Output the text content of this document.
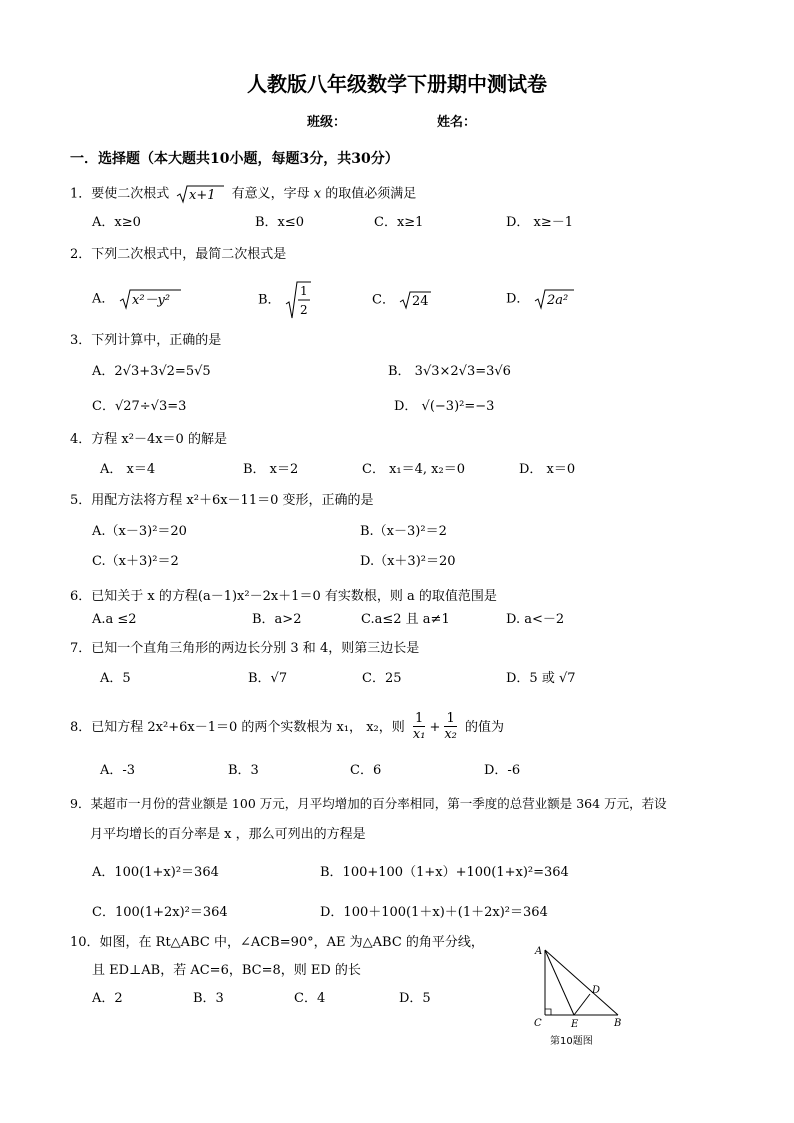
人教版八年级数学下册期中测试卷
班级：	姓名：
一．选择题（本大题共10小题，每题3分，共30分）
1．要使二次根式 x+1 有意义，字母 x 的取值必须满足
A．x≥0	B．x≤0	C．x≥1	D． x≥－1
2．下列二次根式中，最简二次根式是
A． x²－y²	B．
1
2
C． 24	D． 2a²
3．下列计算中，正确的是
A．2√3+3√2=5√5	B． 3√3×2√3=3√6
C．√27÷√3=3	D． √(−3)²=−3
4．方程 x²－4x＝0 的解是
A． x＝4	B． x＝2	C． x₁＝4, x₂＝0	D． x＝0
5．用配方法将方程 x²＋6x－11＝0 变形，正确的是
A.（x－3)²＝20	B.（x－3)²＝2
C.（x＋3)²＝2	D.（x＋3)²＝20
6．已知关于 x 的方程(a－1)x²－2x＋1＝0 有实数根，则 a 的取值范围是
A.a ≤2	B．a>2	C.a≤2 且 a≠1	D. a<－2
7．已知一个直角三角形的两边长分别 3 和 4，则第三边长是
A．5	B．√7	C．25	D．5 或 √7
8．已知方程 2x²+6x－1＝0 的两个实数根为 x₁， x₂，则 $\frac{1}{\text{x₁}} + \frac{1}{\text{x₂}}$ 的值为
A．-3	B．3	C．6	D．-6
9．某超市一月份的营业额是 100 万元，月平均增加的百分率相同，第一季度的总营业额是 364 万元，若设
月平均增长的百分率是 x ，那么可列出的方程是
A．100(1+x)²＝364	B．100+100（1+x）+100(1+x)²=364
C．100(1+2x)²＝364	D．100＋100(1＋x)＋(1＋2x)²＝364
10．如图，在 Rt△ABC 中，∠ACB=90°，AE 为△ABC 的角平分线，
且 ED⊥AB，若 AC=6，BC=8，则 ED 的长
A．2	B．3	C．4	D．5
A
D
C	E	B
第10题图
